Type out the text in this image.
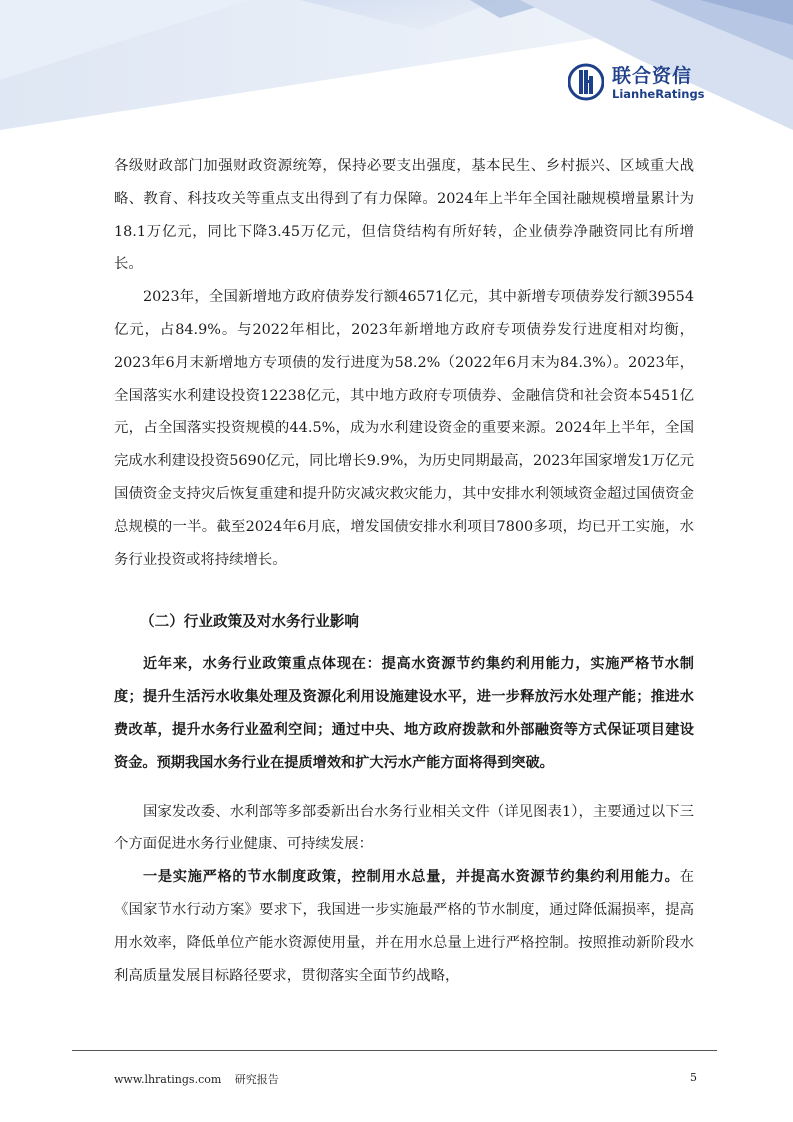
联合资信
LianheRatings

各级财政部门加强财政资源统筹，保持必要支出强度，基本民生、乡村振兴、区域重大战略、教育、科技攻关等重点支出得到了有力保障。2024年上半年全国社融规模增量累计为18.1万亿元，同比下降3.45万亿元，但信贷结构有所好转，企业债券净融资同比有所增长。

2023年，全国新增地方政府债券发行额46571亿元，其中新增专项债券发行额39554亿元，占84.9%。与2022年相比，2023年新增地方政府专项债券发行进度相对均衡，2023年6月末新增地方专项债的发行进度为58.2%（2022年6月末为84.3%）。2023年，全国落实水利建设投资12238亿元，其中地方政府专项债券、金融信贷和社会资本5451亿元，占全国落实投资规模的44.5%，成为水利建设资金的重要来源。2024年上半年，全国完成水利建设投资5690亿元，同比增长9.9%，为历史同期最高，2023年国家增发1万亿元国债资金支持灾后恢复重建和提升防灾减灾救灾能力，其中安排水利领域资金超过国债资金总规模的一半。截至2024年6月底，增发国债安排水利项目7800多项，均已开工实施，水务行业投资或将持续增长。

（二）行业政策及对水务行业影响

近年来，水务行业政策重点体现在：提高水资源节约集约利用能力，实施严格节水制度；提升生活污水收集处理及资源化利用设施建设水平，进一步释放污水处理产能；推进水费改革，提升水务行业盈利空间；通过中央、地方政府拨款和外部融资等方式保证项目建设资金。预期我国水务行业在提质增效和扩大污水产能方面将得到突破。

国家发改委、水利部等多部委新出台水务行业相关文件（详见图表1），主要通过以下三个方面促进水务行业健康、可持续发展：

一是实施严格的节水制度政策，控制用水总量，并提高水资源节约集约利用能力。在《国家节水行动方案》要求下，我国进一步实施最严格的节水制度，通过降低漏损率，提高用水效率，降低单位产能水资源使用量，并在用水总量上进行严格控制。按照推动新阶段水利高质量发展目标路径要求，贯彻落实全面节约战略，

www.lhratings.com 研究报告	5
